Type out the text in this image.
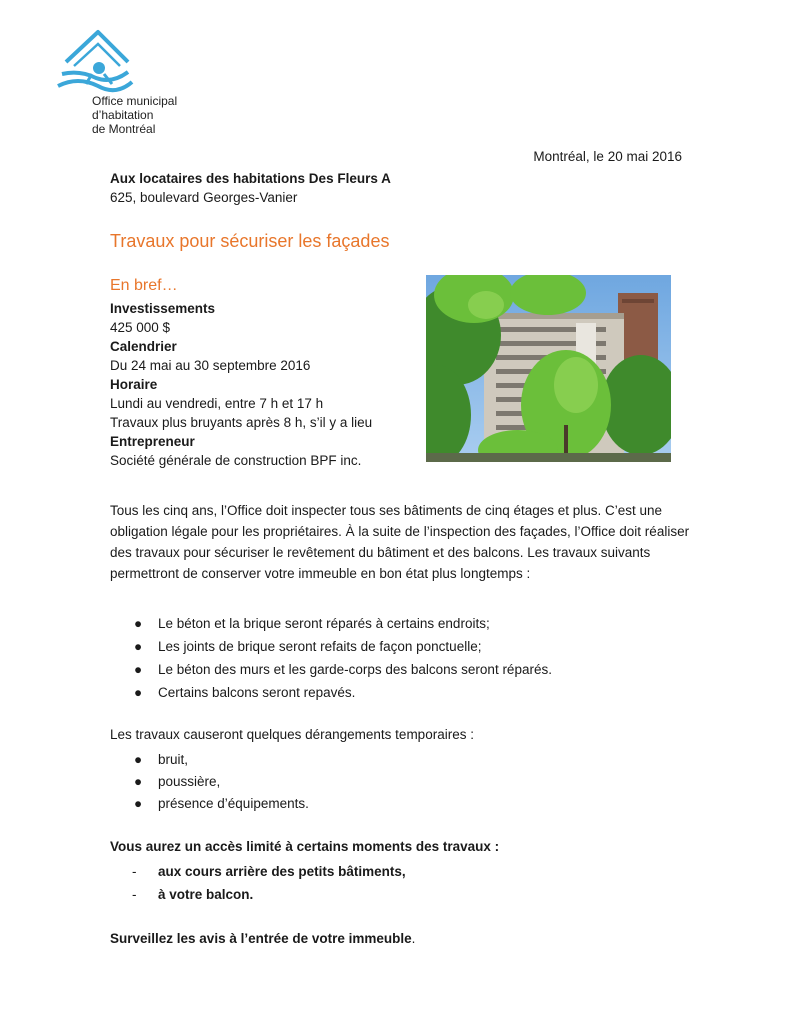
Office municipal
d’habitation
de Montréal
Montréal, le 20 mai 2016
Aux locataires des habitations Des Fleurs A
625, boulevard Georges-Vanier
Travaux pour sécuriser les façades
En bref…
Investissements
425 000 $
Calendrier
Du 24 mai au 30 septembre 2016
Horaire
Lundi au vendredi, entre 7 h et 17 h
Travaux plus bruyants après 8 h, s’il y a lieu
Entrepreneur
Société générale de construction BPF inc.
Tous les cinq ans, l’Office doit inspecter tous ses bâtiments de cinq étages et plus. C’est une obligation légale pour les propriétaires. À la suite de l’inspection des façades, l’Office doit réaliser des travaux pour sécuriser le revêtement du bâtiment et des balcons. Les travaux suivants permettront de conserver votre immeuble en bon état plus longtemps :
● Le béton et la brique seront réparés à certains endroits;
● Les joints de brique seront refaits de façon ponctuelle;
● Le béton des murs et les garde-corps des balcons seront réparés.
● Certains balcons seront repavés.
Les travaux causeront quelques dérangements temporaires :
● bruit,
● poussière,
● présence d’équipements.
Vous aurez un accès limité à certains moments des travaux :
- aux cours arrière des petits bâtiments,
- à votre balcon.
Surveillez les avis à l’entrée de votre immeuble.
